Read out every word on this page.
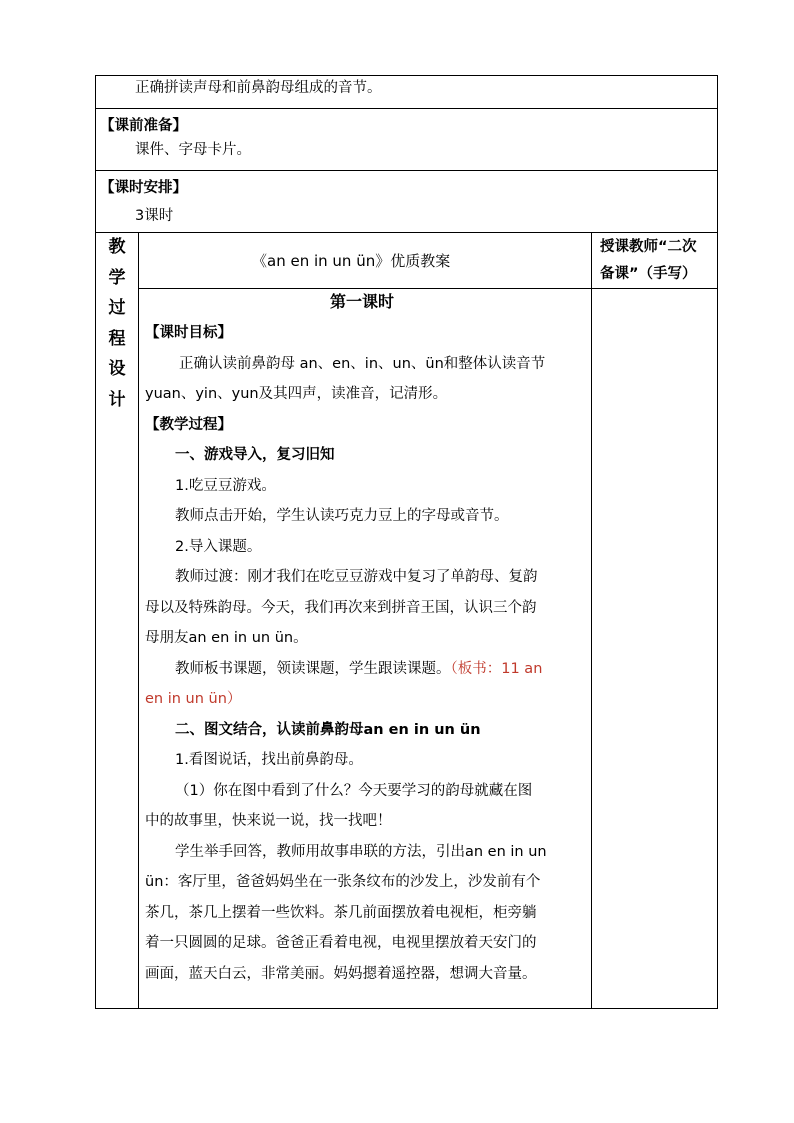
正确拼读声母和前鼻韵母组成的音节。
【课前准备】
课件、字母卡片。
【课时安排】
3课时
教
学
过
程
设
计
《an en in un ün》优质教案
授课教师“二次
备课”（手写）
第一课时
【课时目标】
正确认读前鼻韵母 an、en、in、un、ün和整体认读音节
yuan、yin、yun及其四声，读准音，记清形。
【教学过程】
一、游戏导入，复习旧知
1.吃豆豆游戏。
教师点击开始，学生认读巧克力豆上的字母或音节。
2.导入课题。
教师过渡：刚才我们在吃豆豆游戏中复习了单韵母、复韵
母以及特殊韵母。今天，我们再次来到拼音王国，认识三个韵
母朋友an en in un ün。
教师板书课题，领读课题，学生跟读课题。（板书：11 an
en in un ün）
二、图文结合，认读前鼻韵母an en in un ün
1.看图说话，找出前鼻韵母。
（1）你在图中看到了什么？今天要学习的韵母就藏在图
中的故事里，快来说一说，找一找吧！
学生举手回答，教师用故事串联的方法，引出an en in un
ün：客厅里，爸爸妈妈坐在一张条纹布的沙发上，沙发前有个
茶几，茶几上摆着一些饮料。茶几前面摆放着电视柜，柜旁躺
着一只圆圆的足球。爸爸正看着电视，电视里摆放着天安门的
画面，蓝天白云，非常美丽。妈妈摁着遥控器，想调大音量。
